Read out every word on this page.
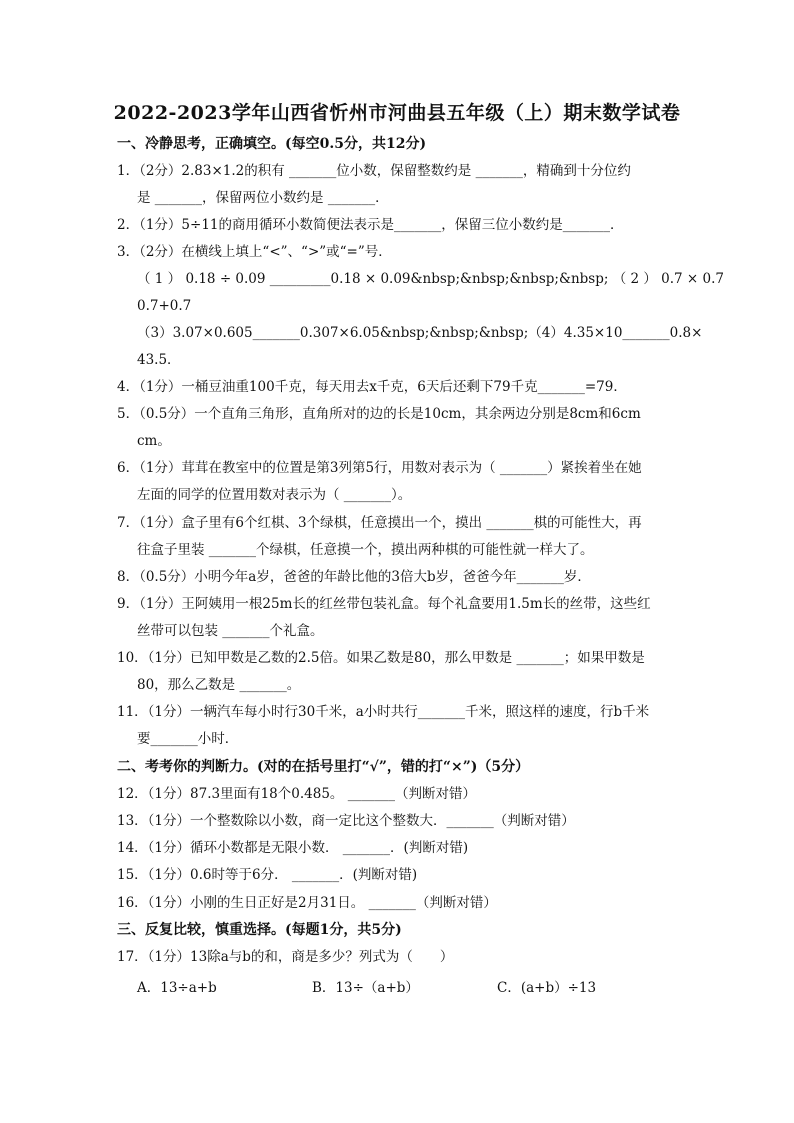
2022-2023学年山西省忻州市河曲县五年级（上）期末数学试卷
一、冷静思考，正确填空。(每空0.5分，共12分)
1．（2分）2.83×1.2的积有 _______位小数，保留整数约是 _______，精确到十分位约
是 _______，保留两位小数约是 _______．
2．（1分）5÷11的商用循环小数简便法表示是_______，保留三位小数约是_______．
3．（2分）在横线上填上“<”、“>”或“=”号．
（ 1 ） 0.18 ÷ 0.09 _________0.18 × 0.09&nbsp;&nbsp;&nbsp;&nbsp; （ 2 ） 0.7 × 0.7
0.7+0.7
（3）3.07×0.605_______0.307×6.05&nbsp;&nbsp;&nbsp;（4）4.35×10_______0.8×
43.5．
4．（1分）一桶豆油重100千克，每天用去x千克，6天后还剩下79千克_______=79．
5．（0.5分）一个直角三角形，直角所对的边的长是10cm，其余两边分别是8cm和6cm
cm。
6．（1分）茸茸在教室中的位置是第3列第5行，用数对表示为（ _______）紧挨着坐在她
左面的同学的位置用数对表示为（ _______）。
7．（1分）盒子里有6个红棋、3个绿棋，任意摸出一个，摸出 _______棋的可能性大，再
往盒子里装 _______个绿棋，任意摸一个，摸出两种棋的可能性就一样大了。
8．（0.5分）小明今年a岁，爸爸的年龄比他的3倍大b岁，爸爸今年_______岁．
9．（1分）王阿姨用一根25m长的红丝带包装礼盒。每个礼盒要用1.5m长的丝带，这些红
丝带可以包装 _______个礼盒。
10．（1分）已知甲数是乙数的2.5倍。如果乙数是80，那么甲数是 _______；如果甲数是
80，那么乙数是 _______。
11．（1分）一辆汽车每小时行30千米，a小时共行_______千米，照这样的速度，行b千米
要_______小时．
二、考考你的判断力。(对的在括号里打“√”，错的打“×”)（5分）
12．（1分）87.3里面有18个0.485。 _______（判断对错）
13．（1分）一个整数除以小数，商一定比这个整数大．_______（判断对错）
14．（1分）循环小数都是无限小数． _______．(判断对错)
15．（1分）0.6时等于6分． _______．(判断对错)
16．（1分）小刚的生日正好是2月31日。 _______（判断对错）
三、反复比较，慎重选择。(每题1分，共5分)
17．（1分）13除a与b的和，商是多少？列式为（　　）
A．13÷a+b	B．13÷（a+b）	C．(a+b）÷13
